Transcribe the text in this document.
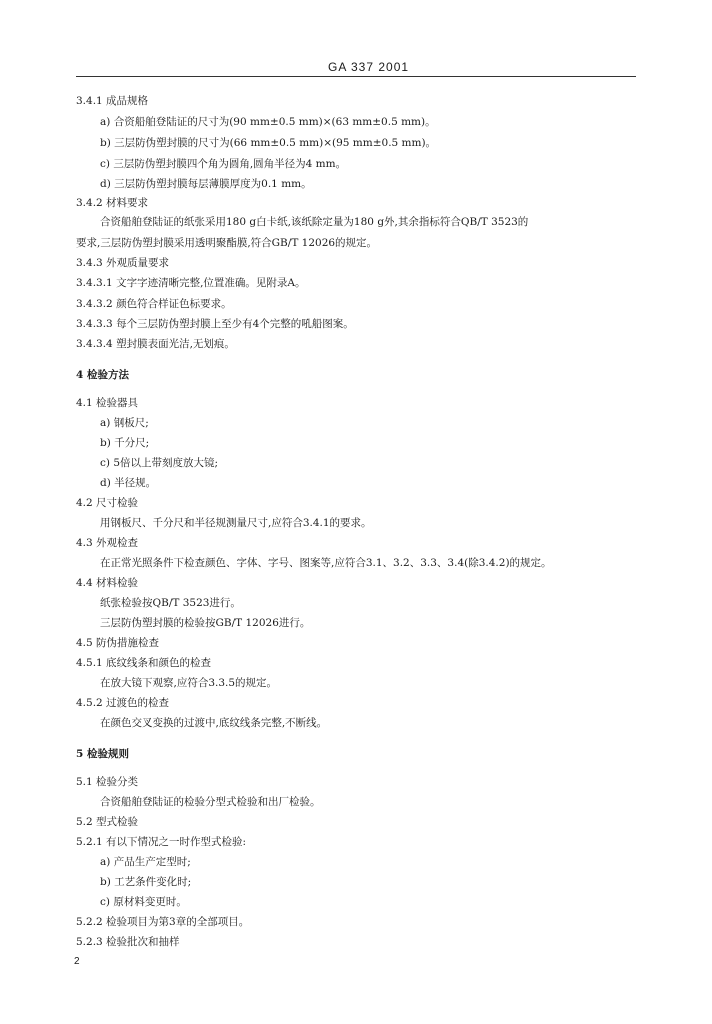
GA 337 2001
3.4.1 成品规格
a) 合资船舶登陆证的尺寸为(90 mm±0.5 mm)×(63 mm±0.5 mm)。
b) 三层防伪塑封膜的尺寸为(66 mm±0.5 mm)×(95 mm±0.5 mm)。
c) 三层防伪塑封膜四个角为圆角,圆角半径为4 mm。
d) 三层防伪塑封膜每层薄膜厚度为0.1 mm。
3.4.2 材料要求
合资船舶登陆证的纸张采用180 g白卡纸,该纸除定量为180 g外,其余指标符合QB/T 3523的
要求,三层防伪塑封膜采用透明聚酯膜,符合GB/T 12026的规定。
3.4.3 外观质量要求
3.4.3.1 文字字迹清晰完整,位置准确。见附录A。
3.4.3.2 颜色符合样证色标要求。
3.4.3.3 每个三层防伪塑封膜上至少有4个完整的吼船图案。
3.4.3.4 塑封膜表面光洁,无划痕。
4 检验方法
4.1 检验器具
a) 钢板尺;
b) 千分尺;
c) 5倍以上带刻度放大镜;
d) 半径规。
4.2 尺寸检验
用钢板尺、千分尺和半径规测量尺寸,应符合3.4.1的要求。
4.3 外观检查
在正常光照条件下检查颜色、字体、字号、图案等,应符合3.1、3.2、3.3、3.4(除3.4.2)的规定。
4.4 材料检验
纸张检验按QB/T 3523进行。
三层防伪塑封膜的检验按GB/T 12026进行。
4.5 防伪措施检查
4.5.1 底纹线条和颜色的检查
在放大镜下观察,应符合3.3.5的规定。
4.5.2 过渡色的检查
在颜色交叉变换的过渡中,底纹线条完整,不断线。
5 检验规则
5.1 检验分类
合资船舶登陆证的检验分型式检验和出厂检验。
5.2 型式检验
5.2.1 有以下情况之一时作型式检验:
a) 产品生产定型时;
b) 工艺条件变化时;
c) 原材料变更时。
5.2.2 检验项目为第3章的全部项目。
5.2.3 检验批次和抽样
2
